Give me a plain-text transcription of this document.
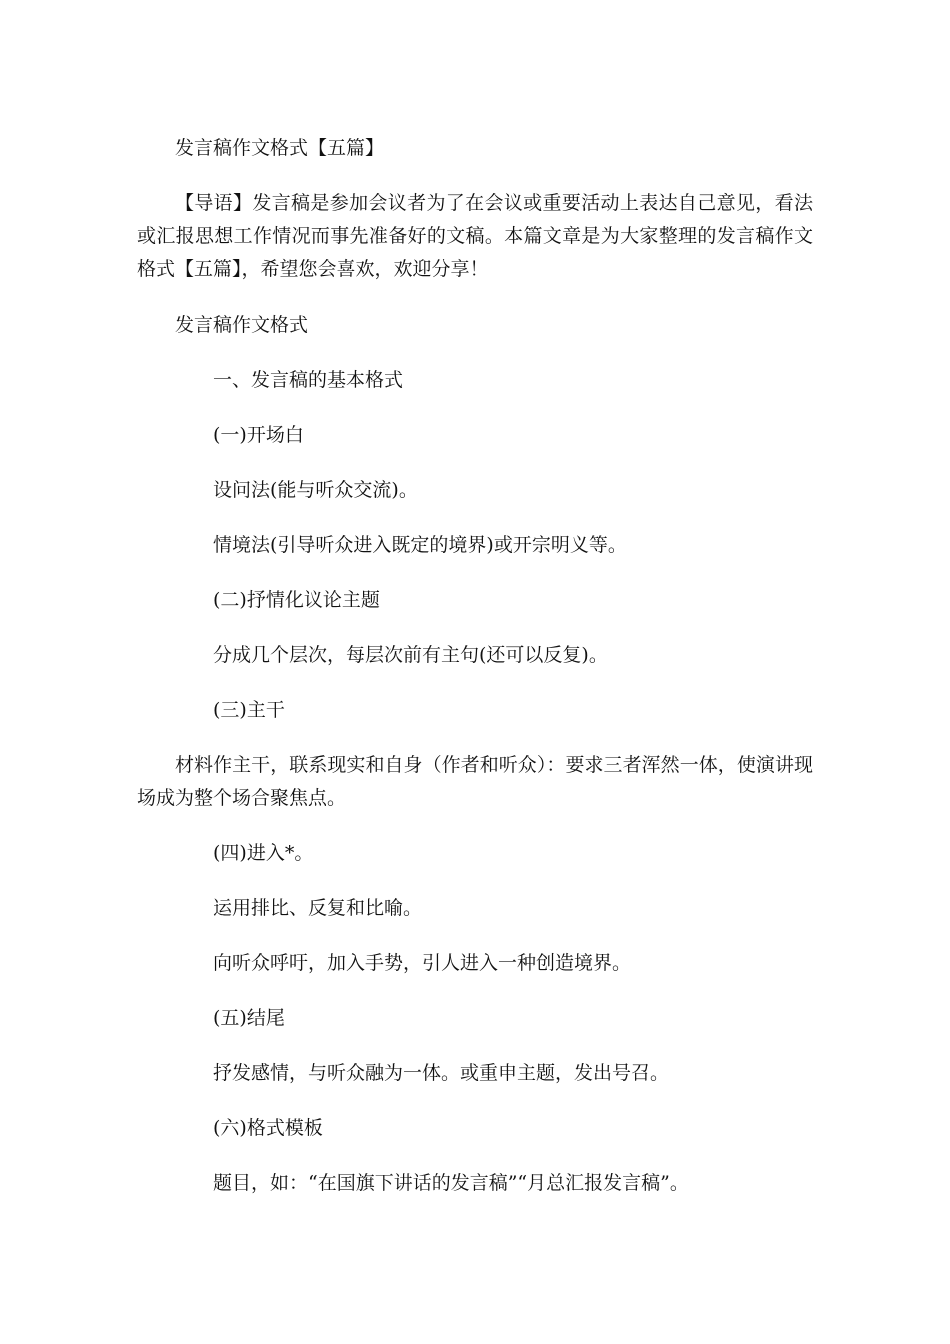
发言稿作文格式【五篇】
【导语】发言稿是参加会议者为了在会议或重要活动上表达自己意见，看法或汇报思想工作情况而事先准备好的文稿。本篇文章是为大家整理的发言稿作文格式【五篇】，希望您会喜欢，欢迎分享！
发言稿作文格式
一、发言稿的基本格式
(一)开场白
设问法(能与听众交流)。
情境法(引导听众进入既定的境界)或开宗明义等。
(二)抒情化议论主题
分成几个层次，每层次前有主句(还可以反复)。
(三)主干
材料作主干，联系现实和自身（作者和听众）：要求三者浑然一体，使演讲现场成为整个场合聚焦点。
(四)进入*。
运用排比、反复和比喻。
向听众呼吁，加入手势，引人进入一种创造境界。
(五)结尾
抒发感情，与听众融为一体。或重申主题，发出号召。
(六)格式模板
题目，如：“在国旗下讲话的发言稿”“月总汇报发言稿”。
